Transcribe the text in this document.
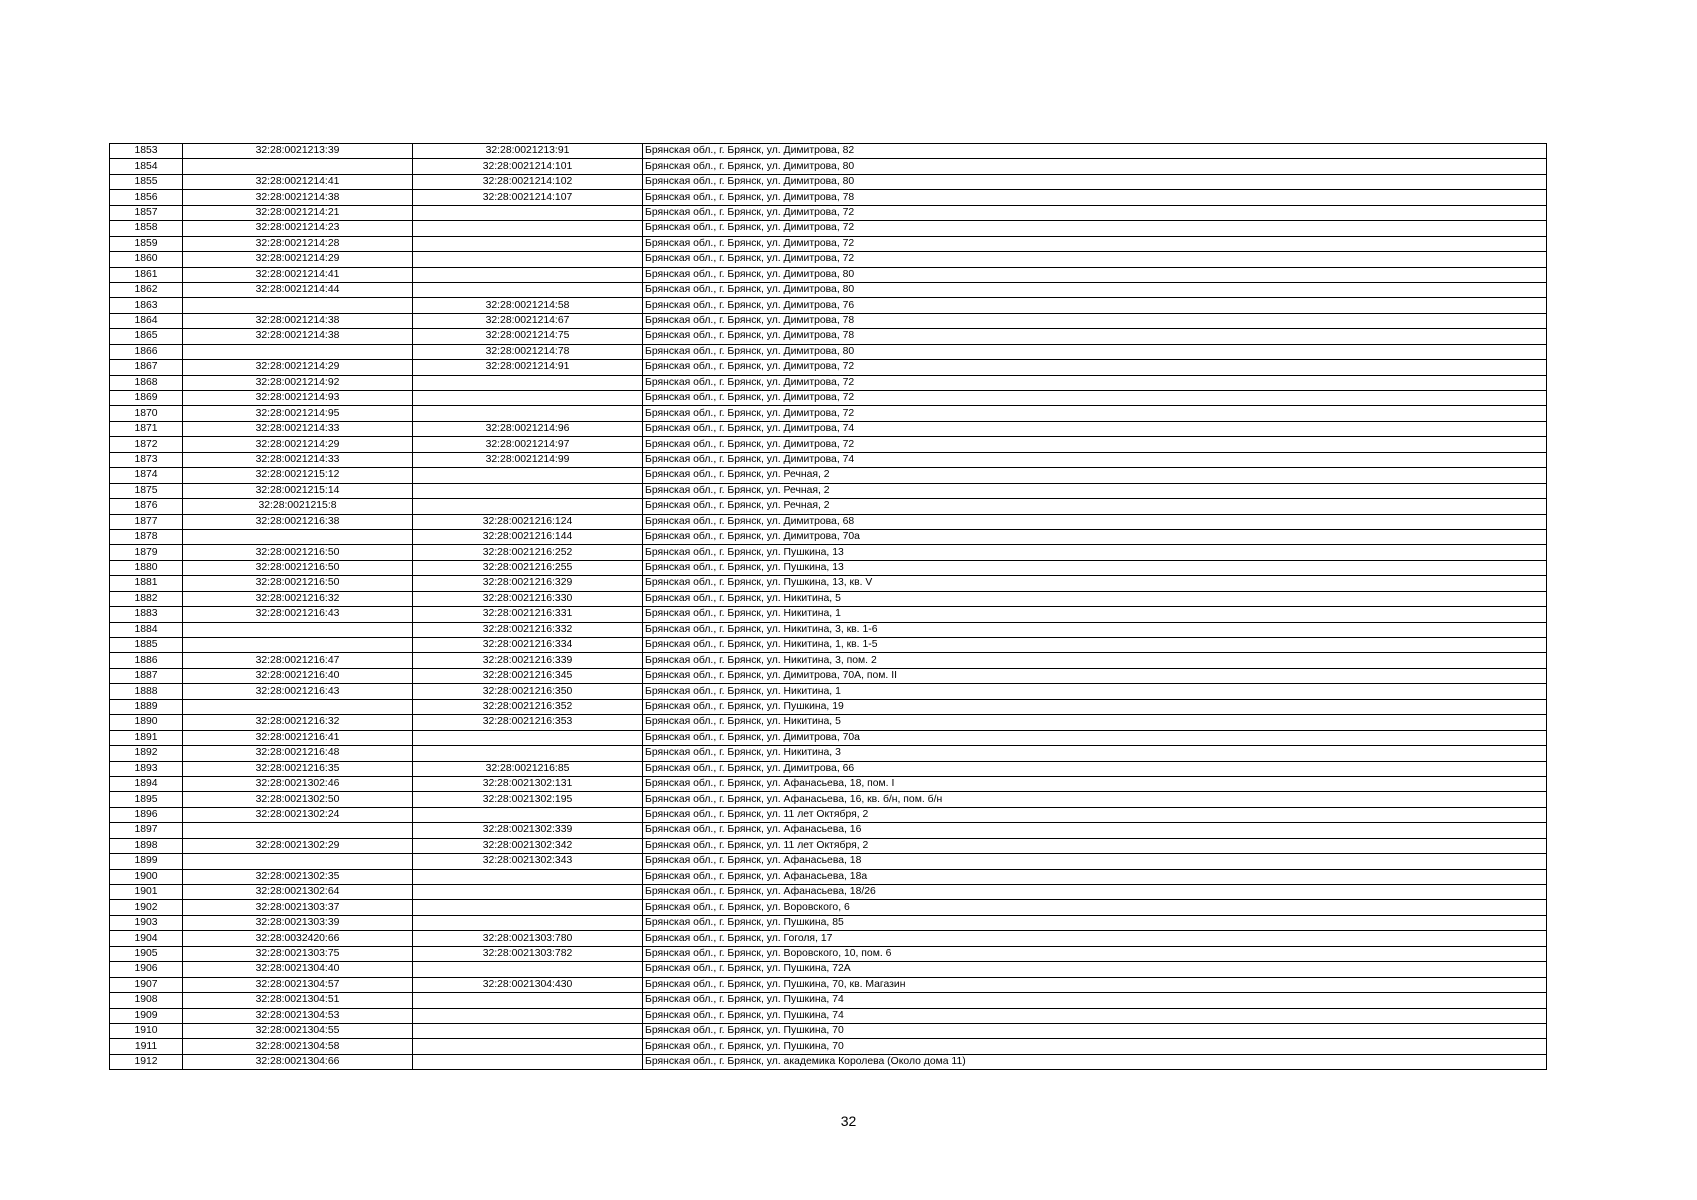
1853	32:28:0021213:39	32:28:0021213:91	Брянская обл., г. Брянск, ул. Димитрова, 82
1854		32:28:0021214:101	Брянская обл., г. Брянск, ул. Димитрова, 80
1855	32:28:0021214:41	32:28:0021214:102	Брянская обл., г. Брянск, ул. Димитрова, 80
1856	32:28:0021214:38	32:28:0021214:107	Брянская обл., г. Брянск, ул. Димитрова, 78
1857	32:28:0021214:21		Брянская обл., г. Брянск, ул. Димитрова, 72
1858	32:28:0021214:23		Брянская обл., г. Брянск, ул. Димитрова, 72
1859	32:28:0021214:28		Брянская обл., г. Брянск, ул. Димитрова, 72
1860	32:28:0021214:29		Брянская обл., г. Брянск, ул. Димитрова, 72
1861	32:28:0021214:41		Брянская обл., г. Брянск, ул. Димитрова, 80
1862	32:28:0021214:44		Брянская обл., г. Брянск, ул. Димитрова, 80
1863		32:28:0021214:58	Брянская обл., г. Брянск, ул. Димитрова, 76
1864	32:28:0021214:38	32:28:0021214:67	Брянская обл., г. Брянск, ул. Димитрова, 78
1865	32:28:0021214:38	32:28:0021214:75	Брянская обл., г. Брянск, ул. Димитрова, 78
1866		32:28:0021214:78	Брянская обл., г. Брянск, ул. Димитрова, 80
1867	32:28:0021214:29	32:28:0021214:91	Брянская обл., г. Брянск, ул. Димитрова, 72
1868	32:28:0021214:92		Брянская обл., г. Брянск, ул. Димитрова, 72
1869	32:28:0021214:93		Брянская обл., г. Брянск, ул. Димитрова, 72
1870	32:28:0021214:95		Брянская обл., г. Брянск, ул. Димитрова, 72
1871	32:28:0021214:33	32:28:0021214:96	Брянская обл., г. Брянск, ул. Димитрова, 74
1872	32:28:0021214:29	32:28:0021214:97	Брянская обл., г. Брянск, ул. Димитрова, 72
1873	32:28:0021214:33	32:28:0021214:99	Брянская обл., г. Брянск, ул. Димитрова, 74
1874	32:28:0021215:12		Брянская обл., г. Брянск, ул. Речная, 2
1875	32:28:0021215:14		Брянская обл., г. Брянск, ул. Речная, 2
1876	32:28:0021215:8		Брянская обл., г. Брянск, ул. Речная, 2
1877	32:28:0021216:38	32:28:0021216:124	Брянская обл., г. Брянск, ул. Димитрова, 68
1878		32:28:0021216:144	Брянская обл., г. Брянск, ул. Димитрова, 70а
1879	32:28:0021216:50	32:28:0021216:252	Брянская обл., г. Брянск, ул. Пушкина, 13
1880	32:28:0021216:50	32:28:0021216:255	Брянская обл., г. Брянск, ул. Пушкина, 13
1881	32:28:0021216:50	32:28:0021216:329	Брянская обл., г. Брянск, ул. Пушкина, 13, кв. V
1882	32:28:0021216:32	32:28:0021216:330	Брянская обл., г. Брянск, ул. Никитина, 5
1883	32:28:0021216:43	32:28:0021216:331	Брянская обл., г. Брянск, ул. Никитина, 1
1884		32:28:0021216:332	Брянская обл., г. Брянск, ул. Никитина, 3, кв. 1-6
1885		32:28:0021216:334	Брянская обл., г. Брянск, ул. Никитина, 1, кв. 1-5
1886	32:28:0021216:47	32:28:0021216:339	Брянская обл., г. Брянск, ул. Никитина, 3, пом. 2
1887	32:28:0021216:40	32:28:0021216:345	Брянская обл., г. Брянск, ул. Димитрова, 70А, пом. II
1888	32:28:0021216:43	32:28:0021216:350	Брянская обл., г. Брянск, ул. Никитина, 1
1889		32:28:0021216:352	Брянская обл., г. Брянск, ул. Пушкина, 19
1890	32:28:0021216:32	32:28:0021216:353	Брянская обл., г. Брянск, ул. Никитина, 5
1891	32:28:0021216:41		Брянская обл., г. Брянск, ул. Димитрова, 70а
1892	32:28:0021216:48		Брянская обл., г. Брянск, ул. Никитина, 3
1893	32:28:0021216:35	32:28:0021216:85	Брянская обл., г. Брянск, ул. Димитрова, 66
1894	32:28:0021302:46	32:28:0021302:131	Брянская обл., г. Брянск, ул. Афанасьева, 18, пом. I
1895	32:28:0021302:50	32:28:0021302:195	Брянская обл., г. Брянск, ул. Афанасьева, 16, кв. б/н, пом. б/н
1896	32:28:0021302:24		Брянская обл., г. Брянск, ул. 11 лет Октября, 2
1897		32:28:0021302:339	Брянская обл., г. Брянск, ул. Афанасьева, 16
1898	32:28:0021302:29	32:28:0021302:342	Брянская обл., г. Брянск, ул. 11 лет Октября, 2
1899		32:28:0021302:343	Брянская обл., г. Брянск, ул. Афанасьева, 18
1900	32:28:0021302:35		Брянская обл., г. Брянск, ул. Афанасьева, 18а
1901	32:28:0021302:64		Брянская обл., г. Брянск, ул. Афанасьева, 18/26
1902	32:28:0021303:37		Брянская обл., г. Брянск, ул. Воровского, 6
1903	32:28:0021303:39		Брянская обл., г. Брянск, ул. Пушкина, 85
1904	32:28:0032420:66	32:28:0021303:780	Брянская обл., г. Брянск, ул. Гоголя, 17
1905	32:28:0021303:75	32:28:0021303:782	Брянская обл., г. Брянск, ул. Воровского, 10, пом. 6
1906	32:28:0021304:40		Брянская обл., г. Брянск, ул. Пушкина, 72А
1907	32:28:0021304:57	32:28:0021304:430	Брянская обл., г. Брянск, ул. Пушкина, 70, кв. Магазин
1908	32:28:0021304:51		Брянская обл., г. Брянск, ул. Пушкина, 74
1909	32:28:0021304:53		Брянская обл., г. Брянск, ул. Пушкина, 74
1910	32:28:0021304:55		Брянская обл., г. Брянск, ул. Пушкина, 70
1911	32:28:0021304:58		Брянская обл., г. Брянск, ул. Пушкина, 70
1912	32:28:0021304:66		Брянская обл., г. Брянск, ул. академика Королева (Около дома 11)
32
